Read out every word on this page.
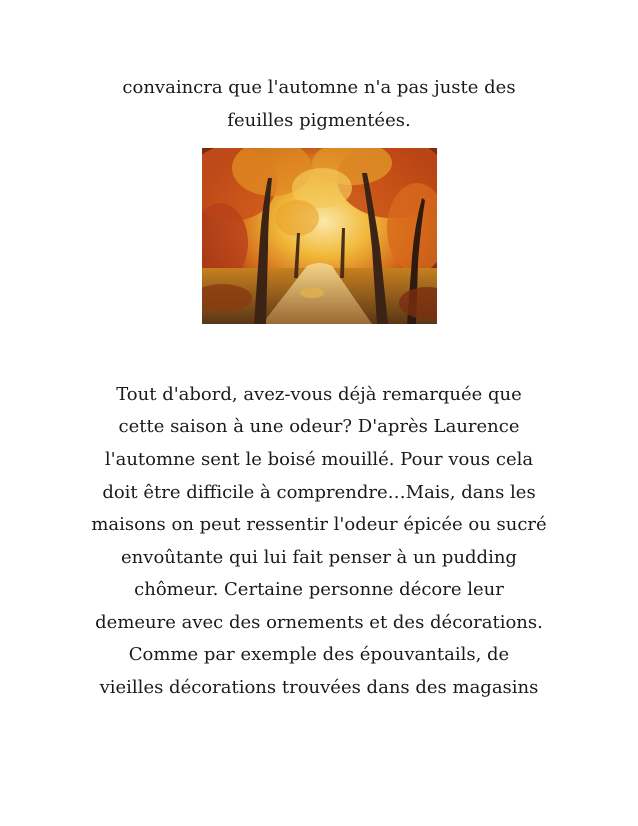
convaincra que l'automne n'a pas juste des
feuilles pigmentées.
Tout d'abord, avez-vous déjà remarquée que
cette saison à une odeur? D'après Laurence
l'automne sent le boisé mouillé. Pour vous cela
doit être difficile à comprendre…Mais, dans les
maisons on peut ressentir l'odeur épicée ou sucré
envoûtante qui lui fait penser à un pudding
chômeur. Certaine personne décore leur
demeure avec des ornements et des décorations.
Comme par exemple des épouvantails, de
vieilles décorations trouvées dans des magasins
